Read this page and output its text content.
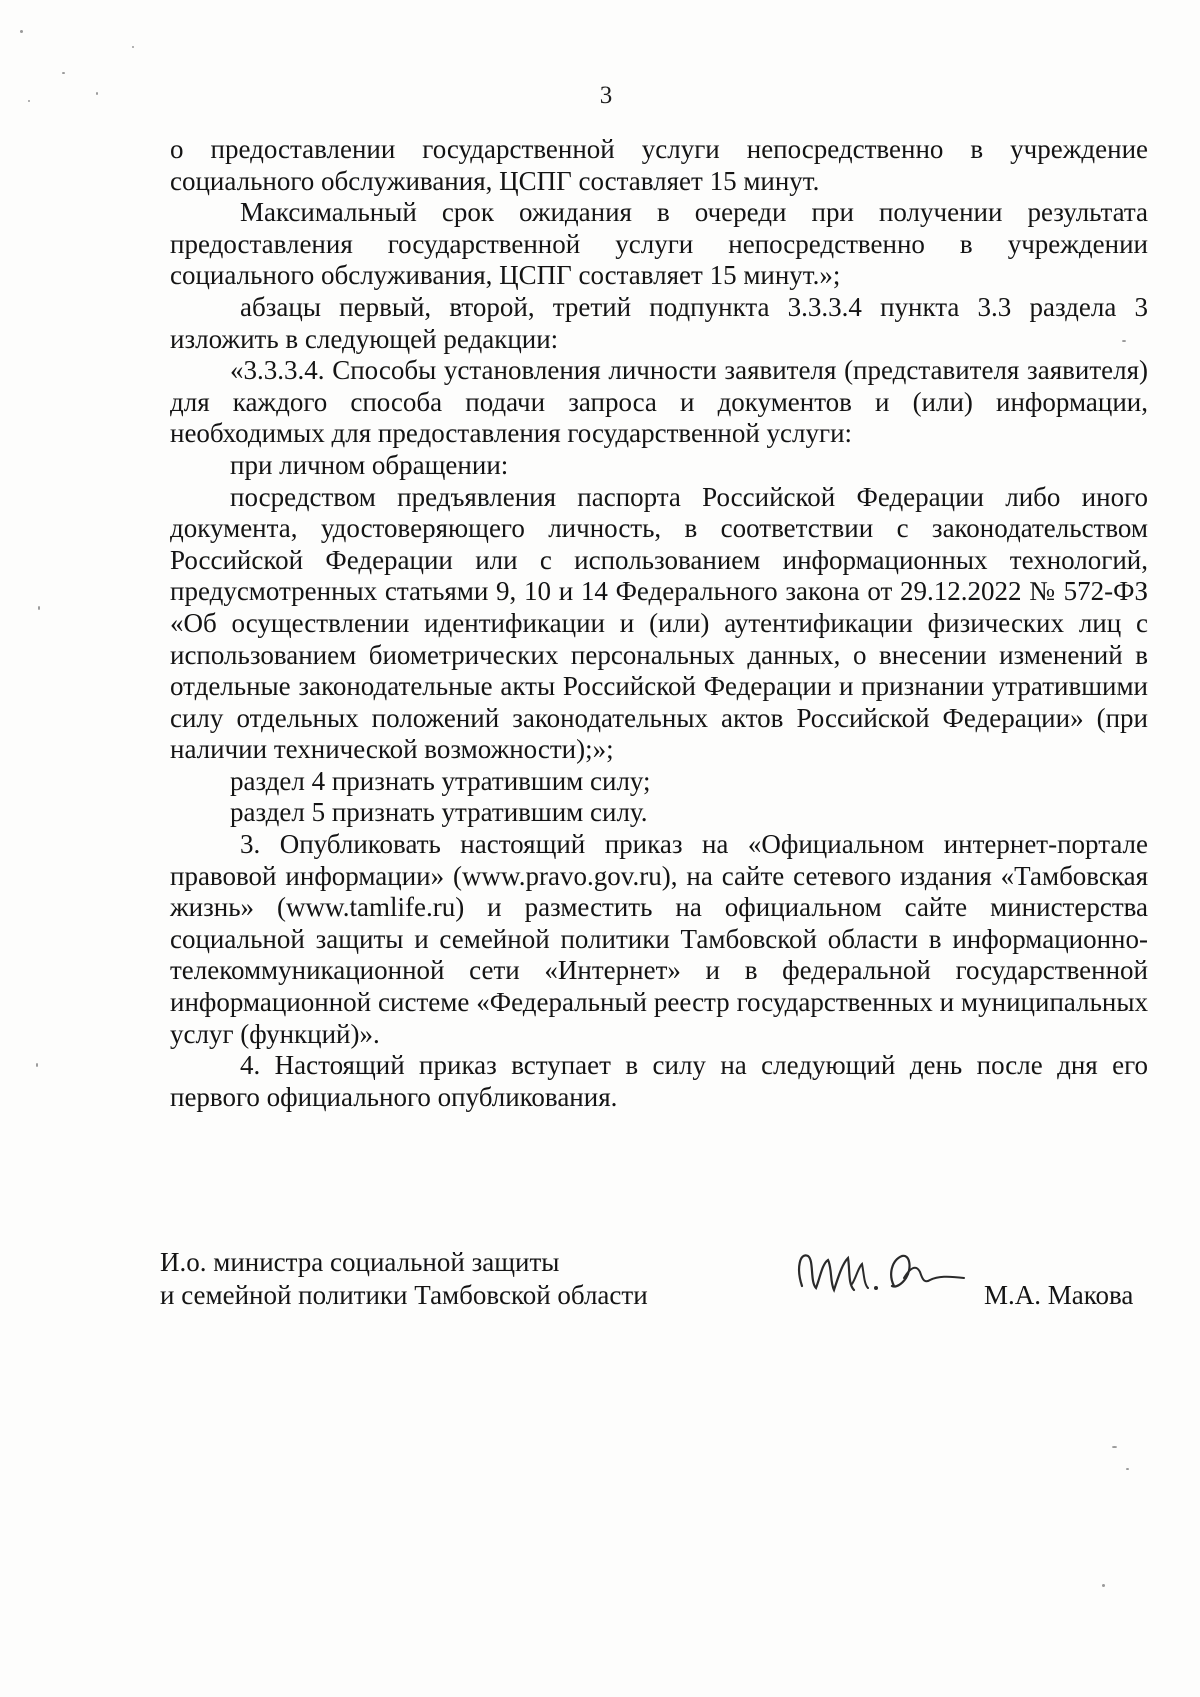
3

о предоставлении государственной услуги непосредственно в учреждение социального обслуживания, ЦСПГ составляет 15 минут.

Максимальный срок ожидания в очереди при получении результата предоставления государственной услуги непосредственно в учреждении социального обслуживания, ЦСПГ составляет 15 минут.»;

абзацы первый, второй, третий подпункта 3.3.3.4 пункта 3.3 раздела 3 изложить в следующей редакции:

«3.3.3.4. Способы установления личности заявителя (представителя заявителя) для каждого способа подачи запроса и документов и (или) информации, необходимых для предоставления государственной услуги:

при личном обращении:

посредством предъявления паспорта Российской Федерации либо иного документа, удостоверяющего личность, в соответствии с законодательством Российской Федерации или с использованием информационных технологий, предусмотренных статьями 9, 10 и 14 Федерального закона от 29.12.2022 № 572-ФЗ «Об осуществлении идентификации и (или) аутентификации физических лиц с использованием биометрических персональных данных, о внесении изменений в отдельные законодательные акты Российской Федерации и признании утратившими силу отдельных положений законодательных актов Российской Федерации» (при наличии технической возможности);»;

раздел 4 признать утратившим силу;

раздел 5 признать утратившим силу.

3. Опубликовать настоящий приказ на «Официальном интернет-портале правовой информации» (www.pravo.gov.ru), на сайте сетевого издания «Тамбовская жизнь» (www.tamlife.ru) и разместить на официальном сайте министерства социальной защиты и семейной политики Тамбовской области в информационно-телекоммуникационной сети «Интернет» и в федеральной государственной информационной системе «Федеральный реестр государственных и муниципальных услуг (функций)».

4. Настоящий приказ вступает в силу на следующий день после дня его первого официального опубликования.

И.о. министра социальной защиты
и семейной политики Тамбовской области	М.А. Макова
